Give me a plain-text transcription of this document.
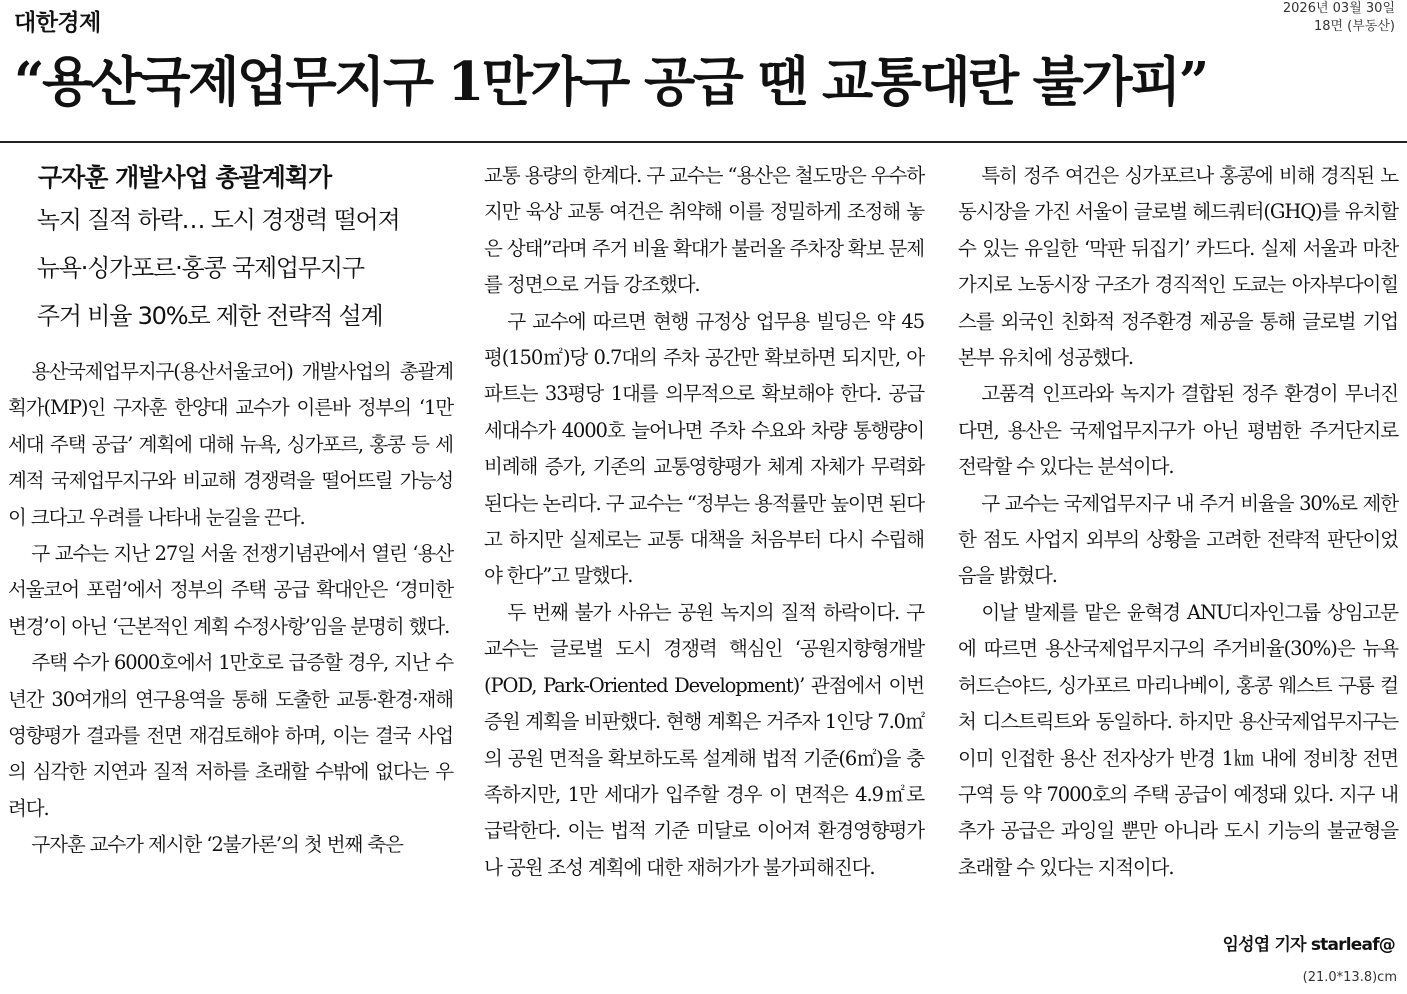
대한경제
2026년 03월 30일
18면 (부동산)
“용산국제업무지구 1만가구 공급 땐 교통대란 불가피”

구자훈 개발사업 총괄계획가

녹지 질적 하락… 도시 경쟁력 떨어져

뉴욕·싱가포르·홍콩 국제업무지구

주거 비율 30%로 제한 전략적 설계

용산국제업무지구(용산서울코어) 개발사업의 총괄계획가(MP)인 구자훈 한양대 교수가 이른바 정부의 ‘1만 세대 주택 공급’ 계획에 대해 뉴욕, 싱가포르, 홍콩 등 세계적 국제업무지구와 비교해 경쟁력을 떨어뜨릴 가능성이 크다고 우려를 나타내 눈길을 끈다.

구 교수는 지난 27일 서울 전쟁기념관에서 열린 ‘용산서울코어 포럼’에서 정부의 주택 공급 확대안은 ‘경미한 변경’이 아닌 ‘근본적인 계획 수정사항’임을 분명히 했다.

주택 수가 6000호에서 1만호로 급증할 경우, 지난 수년간 30여개의 연구용역을 통해 도출한 교통·환경·재해 영향평가 결과를 전면 재검토해야 하며, 이는 결국 사업의 심각한 지연과 질적 저하를 초래할 수밖에 없다는 우려다.

구자훈 교수가 제시한 ‘2불가론’의 첫 번째 축은

교통 용량의 한계다. 구 교수는 “용산은 철도망은 우수하지만 육상 교통 여건은 취약해 이를 정밀하게 조정해 놓은 상태”라며 주거 비율 확대가 불러올 주차장 확보 문제를 정면으로 거듭 강조했다.

구 교수에 따르면 현행 규정상 업무용 빌딩은 약 45평(150㎡)당 0.7대의 주차 공간만 확보하면 되지만, 아파트는 33평당 1대를 의무적으로 확보해야 한다. 공급 세대수가 4000호 늘어나면 주차 수요와 차량 통행량이 비례해 증가, 기존의 교통영향평가 체계 자체가 무력화된다는 논리다. 구 교수는 “정부는 용적률만 높이면 된다고 하지만 실제로는 교통 대책을 처음부터 다시 수립해야 한다”고 말했다.

두 번째 불가 사유는 공원 녹지의 질적 하락이다. 구 교수는 글로벌 도시 경쟁력 핵심인 ‘공원지향형개발(POD, Park-Oriented Development)’ 관점에서 이번 증원 계획을 비판했다. 현행 계획은 거주자 1인당 7.0㎡의 공원 면적을 확보하도록 설계해 법적 기준(6㎡)을 충족하지만, 1만 세대가 입주할 경우 이 면적은 4.9㎡로 급락한다. 이는 법적 기준 미달로 이어져 환경영향평가나 공원 조성 계획에 대한 재허가가 불가피해진다.

특히 정주 여건은 싱가포르나 홍콩에 비해 경직된 노동시장을 가진 서울이 글로벌 헤드쿼터(GHQ)를 유치할 수 있는 유일한 ‘막판 뒤집기’ 카드다. 실제 서울과 마찬가지로 노동시장 구조가 경직적인 도쿄는 아자부다이힐스를 외국인 친화적 정주환경 제공을 통해 글로벌 기업 본부 유치에 성공했다.

고품격 인프라와 녹지가 결합된 정주 환경이 무너진다면, 용산은 국제업무지구가 아닌 평범한 주거단지로 전락할 수 있다는 분석이다.

구 교수는 국제업무지구 내 주거 비율을 30%로 제한한 점도 사업지 외부의 상황을 고려한 전략적 판단이었음을 밝혔다.

이날 발제를 맡은 윤혁경 ANU디자인그룹 상임고문에 따르면 용산국제업무지구의 주거비율(30%)은 뉴욕 허드슨야드, 싱가포르 마리나베이, 홍콩 웨스트 구룡 컬처 디스트릭트와 동일하다. 하지만 용산국제업무지구는 이미 인접한 용산 전자상가 반경 1㎞ 내에 정비창 전면구역 등 약 7000호의 주택 공급이 예정돼 있다. 지구 내 추가 공급은 과잉일 뿐만 아니라 도시 기능의 불균형을 초래할 수 있다는 지적이다.

임성엽 기자 starleaf@
(21.0*13.8)cm
